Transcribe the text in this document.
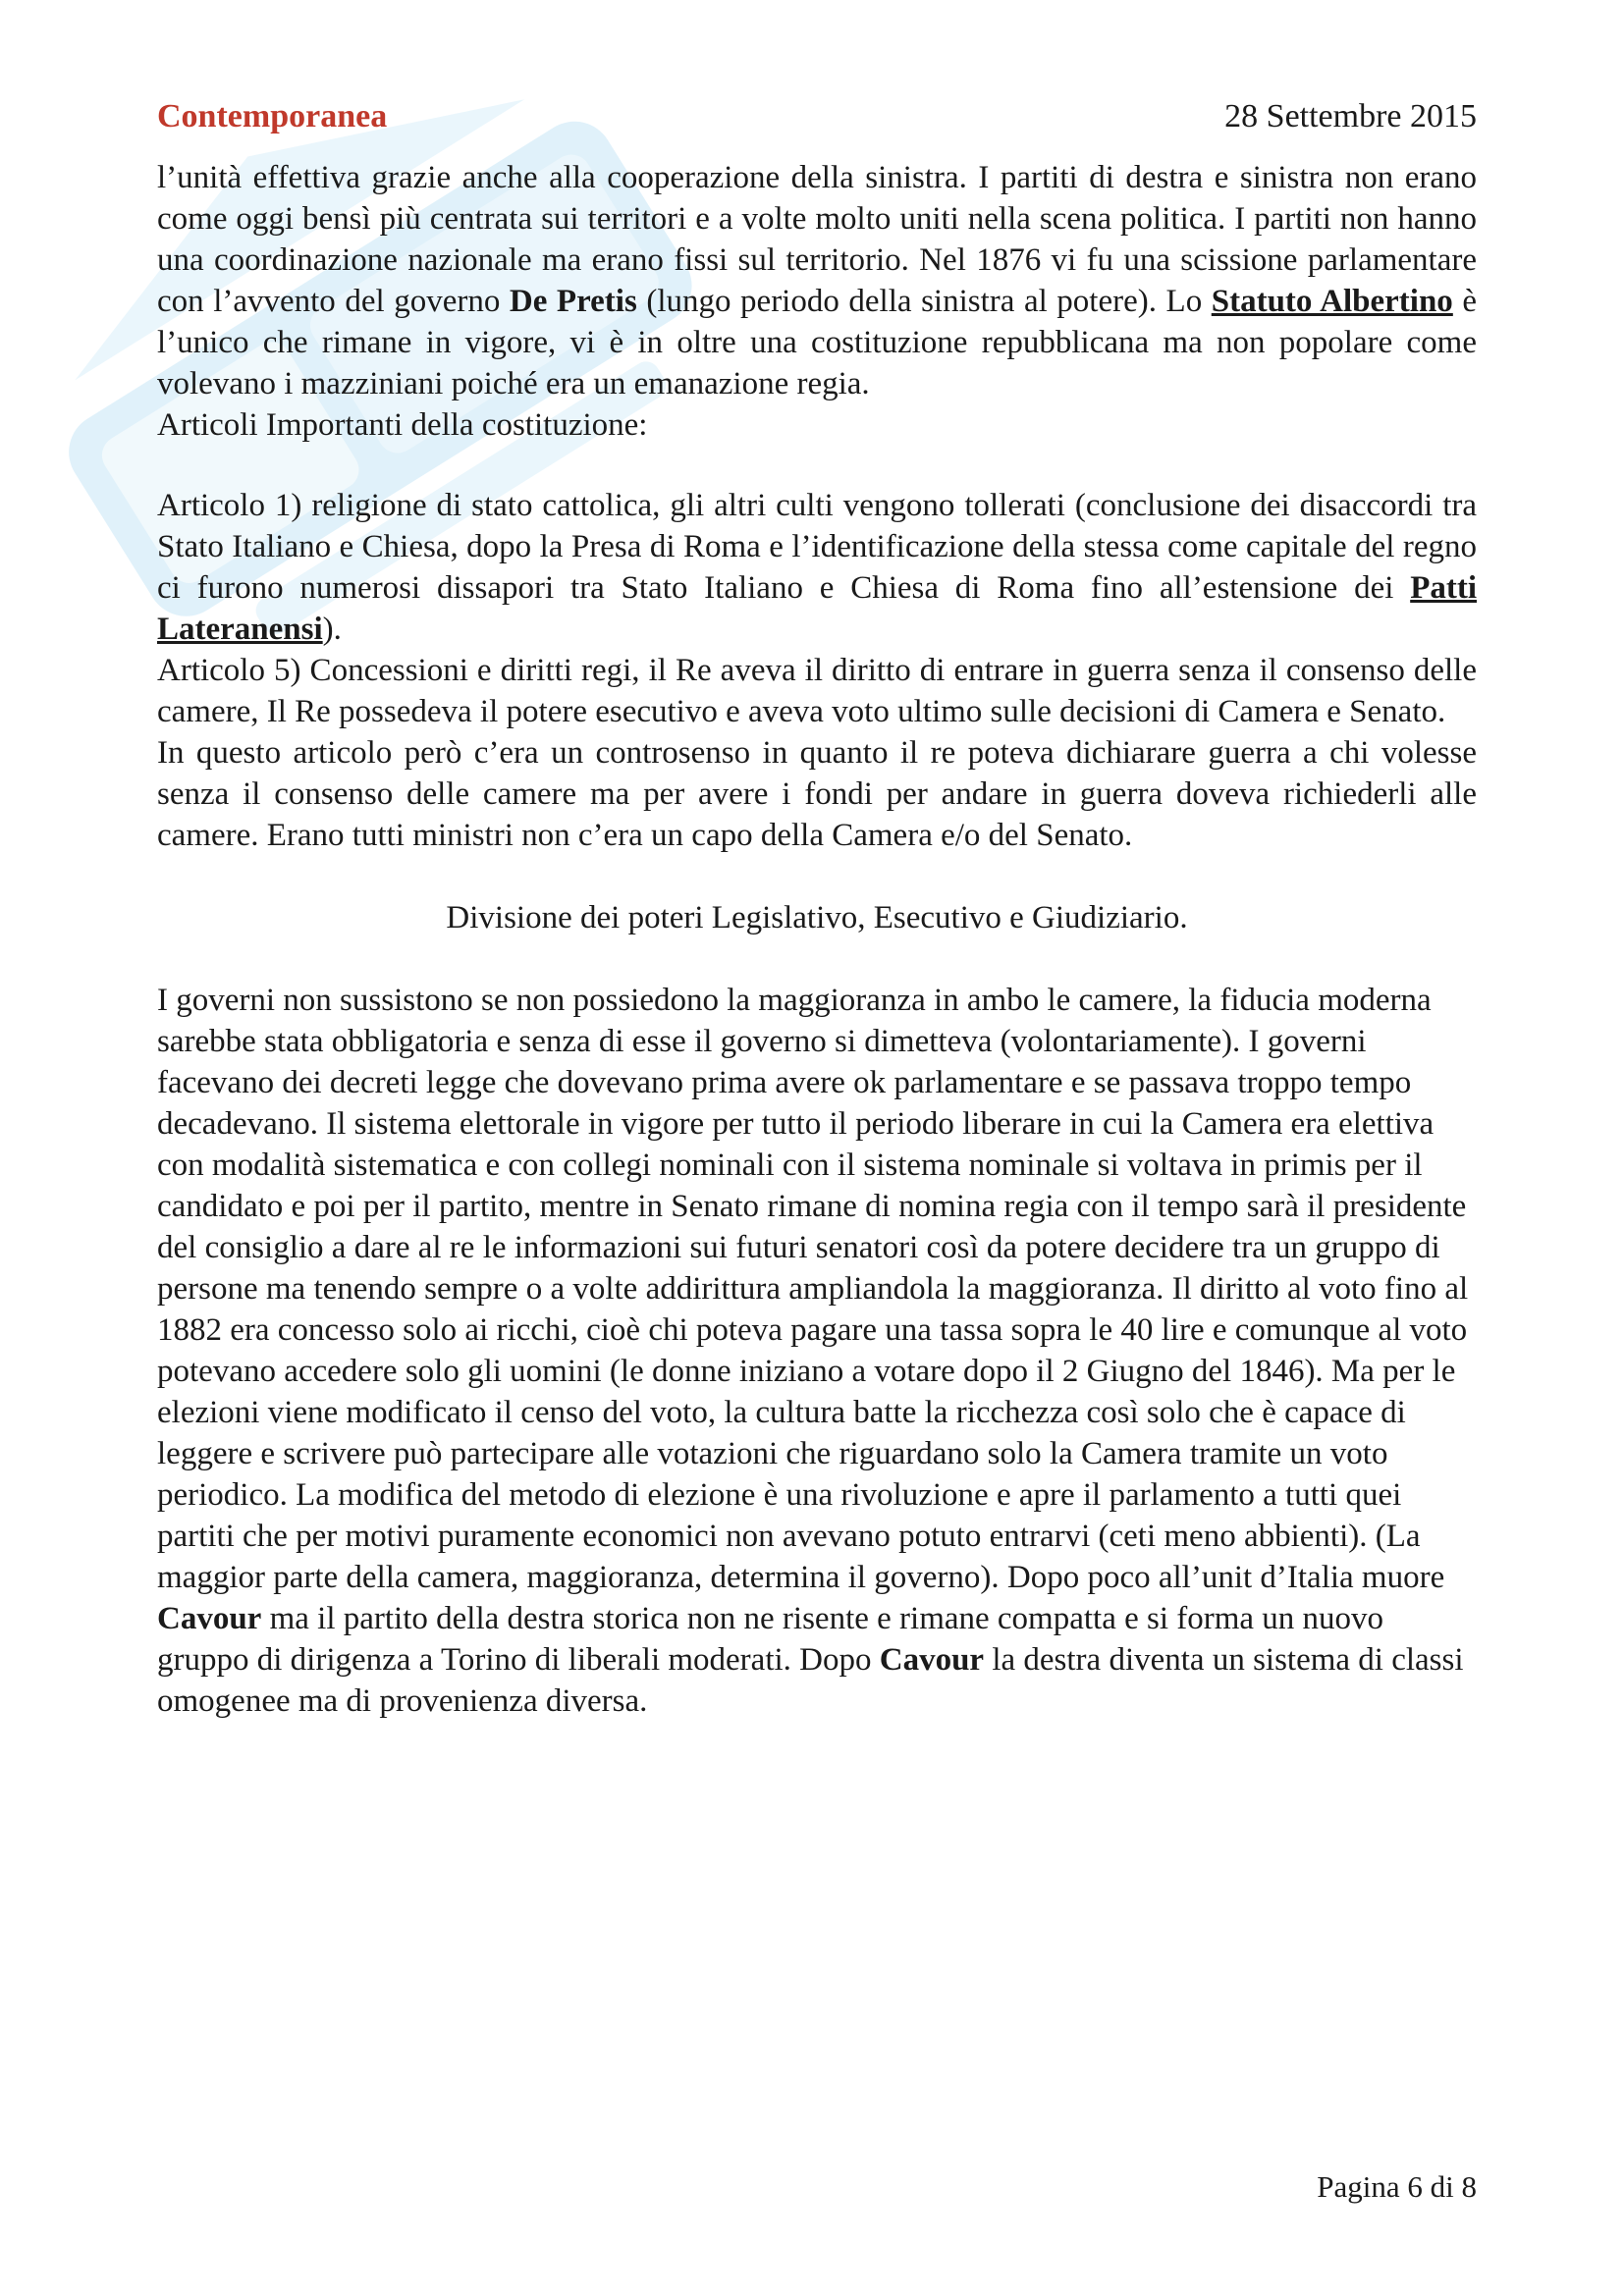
Contemporanea	28 Settembre 2015

l’unità effettiva grazie anche alla cooperazione della sinistra. I partiti di destra e sinistra non erano come oggi bensì più centrata sui territori e a volte molto uniti nella scena politica. I partiti non hanno una coordinazione nazionale ma erano fissi sul territorio. Nel 1876 vi fu una scissione parlamentare con l’avvento del governo De Pretis (lungo periodo della sinistra al potere). Lo Statuto Albertino è l’unico che rimane in vigore, vi è in oltre una costituzione repubblicana ma non popolare come volevano i mazziniani poiché era un emanazione regia.

Articoli Importanti della costituzione:

Articolo 1) religione di stato cattolica, gli altri culti vengono tollerati (conclusione dei disaccordi tra Stato Italiano e Chiesa, dopo la Presa di Roma e l’identificazione della stessa come capitale del regno ci furono numerosi dissapori tra Stato Italiano e Chiesa di Roma fino all’estensione dei Patti Lateranensi).

Articolo 5) Concessioni e diritti regi, il Re aveva il diritto di entrare in guerra senza il consenso delle camere, Il Re possedeva il potere esecutivo e aveva voto ultimo sulle decisioni di Camera e Senato.

In questo articolo però c’era un controsenso in quanto il re poteva dichiarare guerra a chi volesse senza il consenso delle camere ma per avere i fondi per andare in guerra doveva richiederli alle camere. Erano tutti ministri non c’era un capo della Camera e/o del Senato.

Divisione dei poteri Legislativo, Esecutivo e Giudiziario.

I governi non sussistono se non possiedono la maggioranza in ambo le camere, la fiducia moderna sarebbe stata obbligatoria e senza di esse il governo si dimetteva (volontariamente). I governi facevano dei decreti legge che dovevano prima avere ok parlamentare e se passava troppo tempo decadevano. Il sistema elettorale in vigore per tutto il periodo liberare in cui la Camera era elettiva con modalità sistematica e con collegi nominali con il sistema nominale si voltava in primis per il candidato e poi per il partito, mentre in Senato rimane di nomina regia con il tempo sarà il presidente del consiglio a dare al re le informazioni sui futuri senatori così da potere decidere tra un gruppo di persone ma tenendo sempre o a volte addirittura ampliandola la maggioranza. Il diritto al voto fino al 1882 era concesso solo ai ricchi, cioè chi poteva pagare una tassa sopra le 40 lire e comunque al voto potevano accedere solo gli uomini (le donne iniziano a votare dopo il 2 Giugno del 1846). Ma per le elezioni viene modificato il censo del voto, la cultura batte la ricchezza così solo che è capace di leggere e scrivere può partecipare alle votazioni che riguardano solo la Camera tramite un voto periodico. La modifica del metodo di elezione è una rivoluzione e apre il parlamento a tutti quei partiti che per motivi puramente economici non avevano potuto entrarvi (ceti meno abbienti). (La maggior parte della camera, maggioranza, determina il governo). Dopo poco all’unit d’Italia muore Cavour ma il partito della destra storica non ne risente e rimane compatta e si forma un nuovo gruppo di dirigenza a Torino di liberali moderati. Dopo Cavour la destra diventa un sistema di classi omogenee ma di provenienza diversa.

Pagina 6 di 8
